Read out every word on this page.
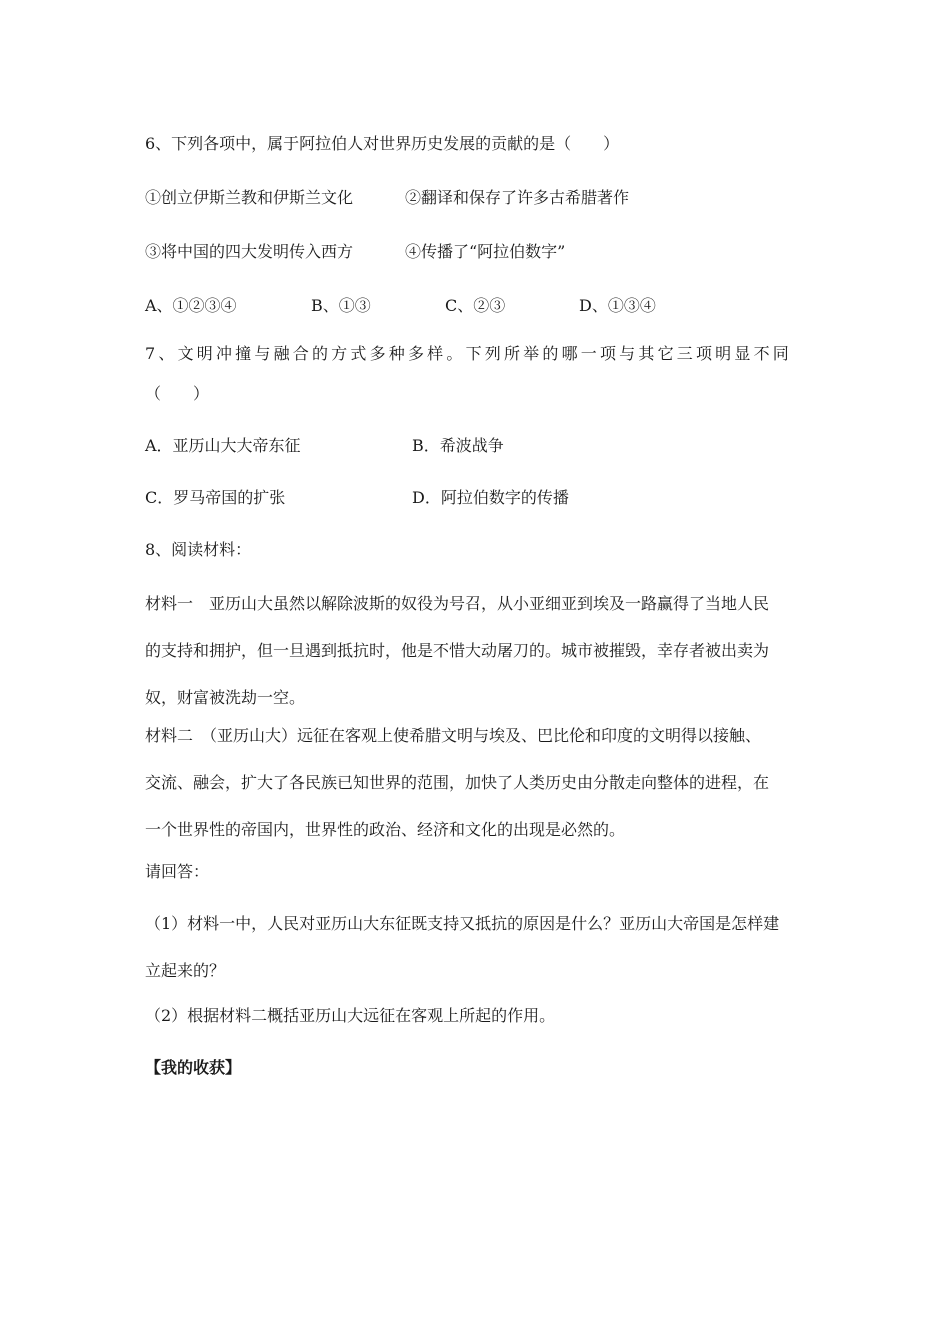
6、下列各项中，属于阿拉伯人对世界历史发展的贡献的是（　　）
①创立伊斯兰教和伊斯兰文化	②翻译和保存了许多古希腊著作
③将中国的四大发明传入西方	④传播了“阿拉伯数字”
A、①②③④	B、①③	C、②③	D、①③④
7、文明冲撞与融合的方式多种多样。下列所举的哪一项与其它三项明显不同
（　　）
A．亚历山大大帝东征	B．希波战争
C．罗马帝国的扩张	D．阿拉伯数字的传播
8、阅读材料：
材料一　亚历山大虽然以解除波斯的奴役为号召，从小亚细亚到埃及一路赢得了当地人民
的支持和拥护，但一旦遇到抵抗时，他是不惜大动屠刀的。城市被摧毁，幸存者被出卖为
奴，财富被洗劫一空。
材料二　（亚历山大）远征在客观上使希腊文明与埃及、巴比伦和印度的文明得以接触、
交流、融会，扩大了各民族已知世界的范围，加快了人类历史由分散走向整体的进程，在
一个世界性的帝国内，世界性的政治、经济和文化的出现是必然的。
请回答：
（1）材料一中，人民对亚历山大东征既支持又抵抗的原因是什么？亚历山大帝国是怎样建
立起来的？
（2）根据材料二概括亚历山大远征在客观上所起的作用。
【我的收获】
